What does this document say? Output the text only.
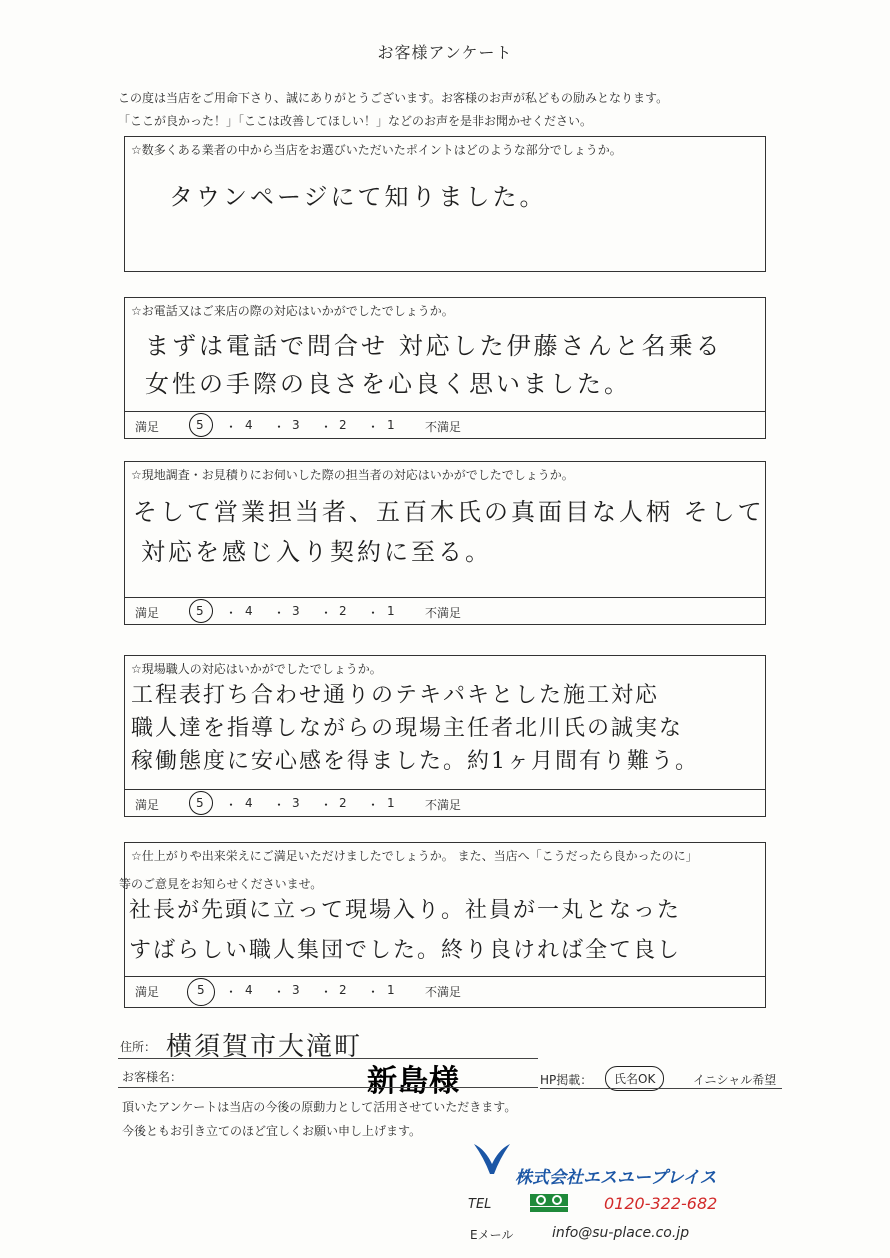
お客様アンケート
この度は当店をご用命下さり、誠にありがとうございます。お客様のお声が私どもの励みとなります。
「ここが良かった！」「ここは改善してほしい！」などのお声を是非お聞かせください。
☆数多くある業者の中から当店をお選びいただいたポイントはどのような部分でしょうか。
タウンページにて知りました。
☆お電話又はご来店の際の対応はいかがでしたでしょうか。
まずは電話で問合せ 対応した伊藤さんと名乗る
女性の手際の良さを心良く思いました。
満足	5 ・ 4 ・ 3 ・ 2 ・ 1	不満足
☆現地調査・お見積りにお伺いした際の担当者の対応はいかがでしたでしょうか。
そして営業担当者、五百木氏の真面目な人柄 そして
対応を感じ入り契約に至る。
満足	5 ・ 4 ・ 3 ・ 2 ・ 1	不満足
☆現場職人の対応はいかがでしたでしょうか。
工程表打ち合わせ通りのテキパキとした施工対応
職人達を指導しながらの現場主任者北川氏の誠実な
稼働態度に安心感を得ました。約1ヶ月間有り難う。
満足	5 ・ 4 ・ 3 ・ 2 ・ 1	不満足
☆仕上がりや出来栄えにご満足いただけましたでしょうか。 また、当店へ「こうだったら良かったのに」
等のご意見をお知らせくださいませ。
社長が先頭に立って現場入り。社員が一丸となった
すばらしい職人集団でした。終り良ければ全て良し
満足	5 ・ 4 ・ 3 ・ 2 ・ 1	不満足
住所： 横須賀市大滝町
お客様名：	新島様	HP掲載：	氏名OK	イニシャル希望
頂いたアンケートは当店の今後の原動力として活用させていただきます。
今後ともお引き立てのほど宜しくお願い申し上げます。
株式会社エスユープレイス
TEL	0120-322-682
Eメール	info@su-place.co.jp
